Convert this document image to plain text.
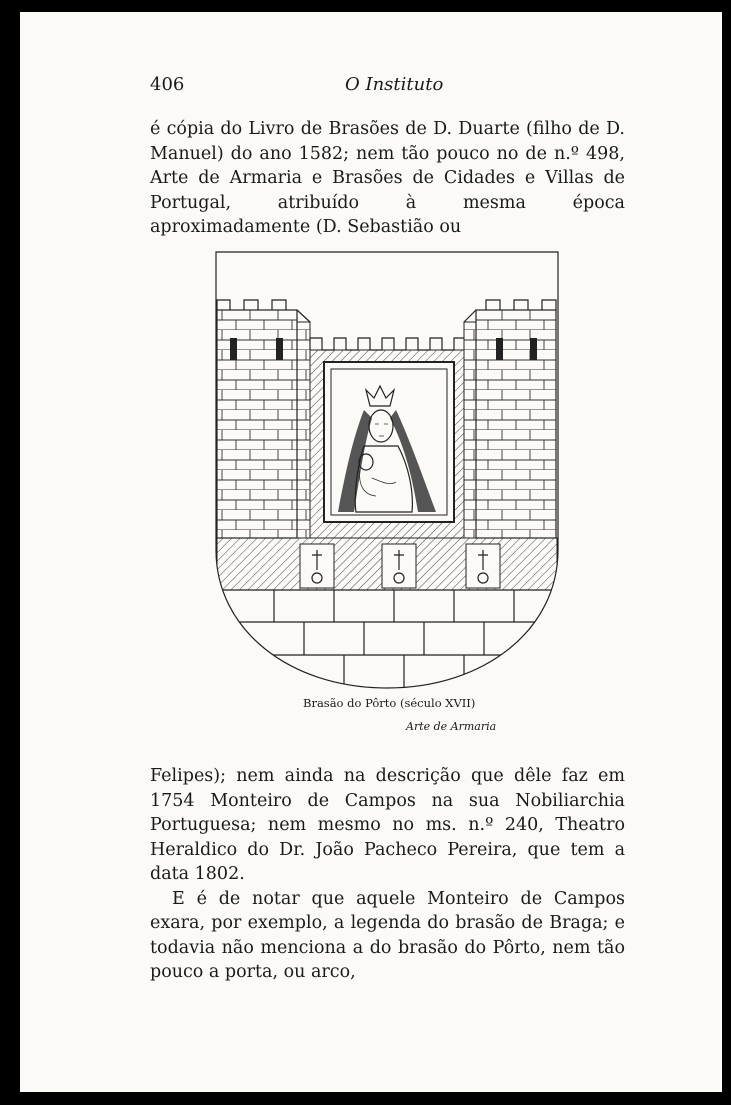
406	O Instituto

é cópia do Livro de Brasões de D. Duarte (filho de D. Manuel) do ano 1582; nem tão pouco no de n.º 498, Arte de Armaria e Brasões de Cidades e Villas de Portugal, atribuído à mesma época aproximadamente (D. Sebastião ou

Brasão do Pôrto (século XVII)
Arte de Armaria

Felipes); nem ainda na descrição que dêle faz em 1754 Monteiro de Campos na sua Nobiliarchia Portuguesa; nem mesmo no ms. n.º 240, Theatro Heraldico do Dr. João Pacheco Pereira, que tem a data 1802.

E é de notar que aquele Monteiro de Campos exara, por exemplo, a legenda do brasão de Braga; e todavia não menciona a do brasão do Pôrto, nem tão pouco a porta, ou arco,
